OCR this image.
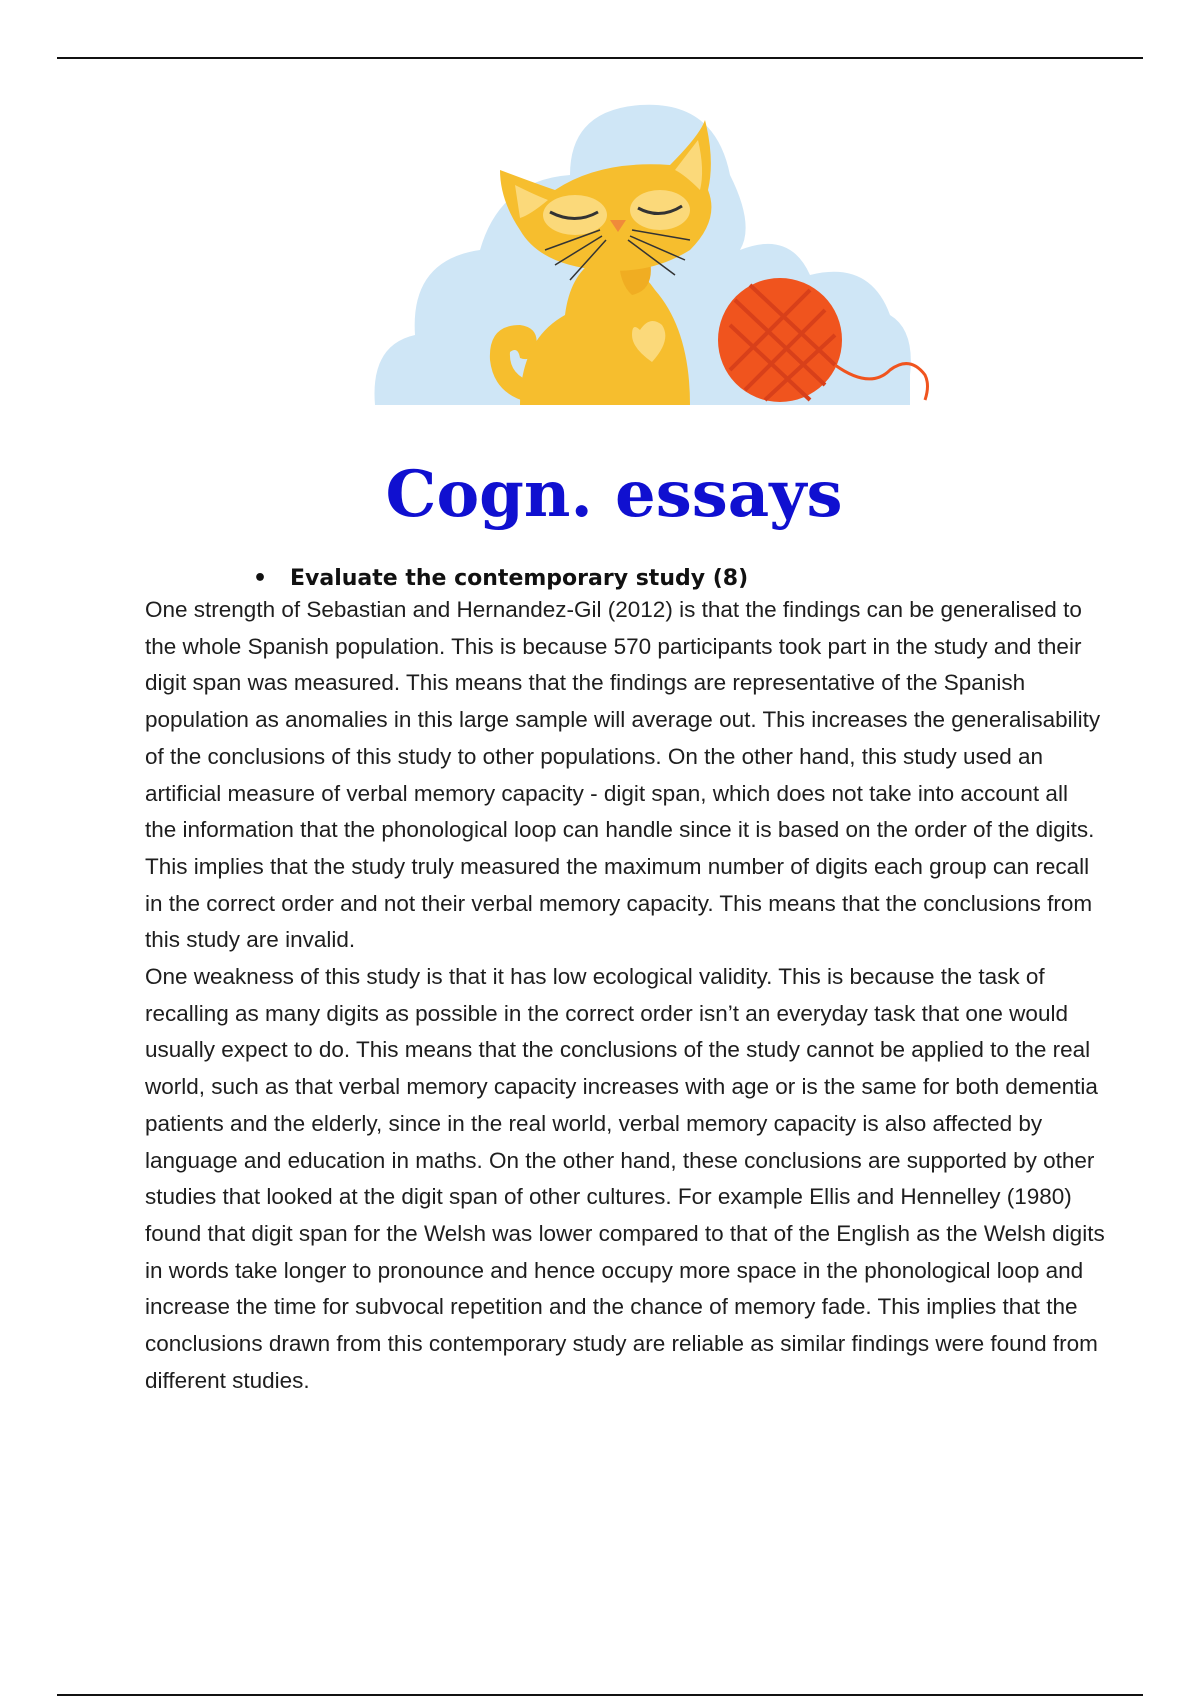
Cogn. essays
• Evaluate the contemporary study (8)

One strength of Sebastian and Hernandez-Gil (2012) is that the findings can be generalised to the whole Spanish population. This is because 570 participants took part in the study and their digit span was measured. This means that the findings are representative of the Spanish population as anomalies in this large sample will average out. This increases the generalisability of the conclusions of this study to other populations. On the other hand, this study used an artificial measure of verbal memory capacity - digit span, which does not take into account all the information that the phonological loop can handle since it is based on the order of the digits. This implies that the study truly measured the maximum number of digits each group can recall in the correct order and not their verbal memory capacity. This means that the conclusions from this study are invalid.

One weakness of this study is that it has low ecological validity. This is because the task of recalling as many digits as possible in the correct order isn’t an everyday task that one would usually expect to do. This means that the conclusions of the study cannot be applied to the real world, such as that verbal memory capacity increases with age or is the same for both dementia patients and the elderly, since in the real world, verbal memory capacity is also affected by language and education in maths. On the other hand, these conclusions are supported by other studies that looked at the digit span of other cultures. For example Ellis and Hennelley (1980) found that digit span for the Welsh was lower compared to that of the English as the Welsh digits in words take longer to pronounce and hence occupy more space in the phonological loop and increase the time for subvocal repetition and the chance of memory fade. This implies that the conclusions drawn from this contemporary study are reliable as similar findings were found from different studies.
